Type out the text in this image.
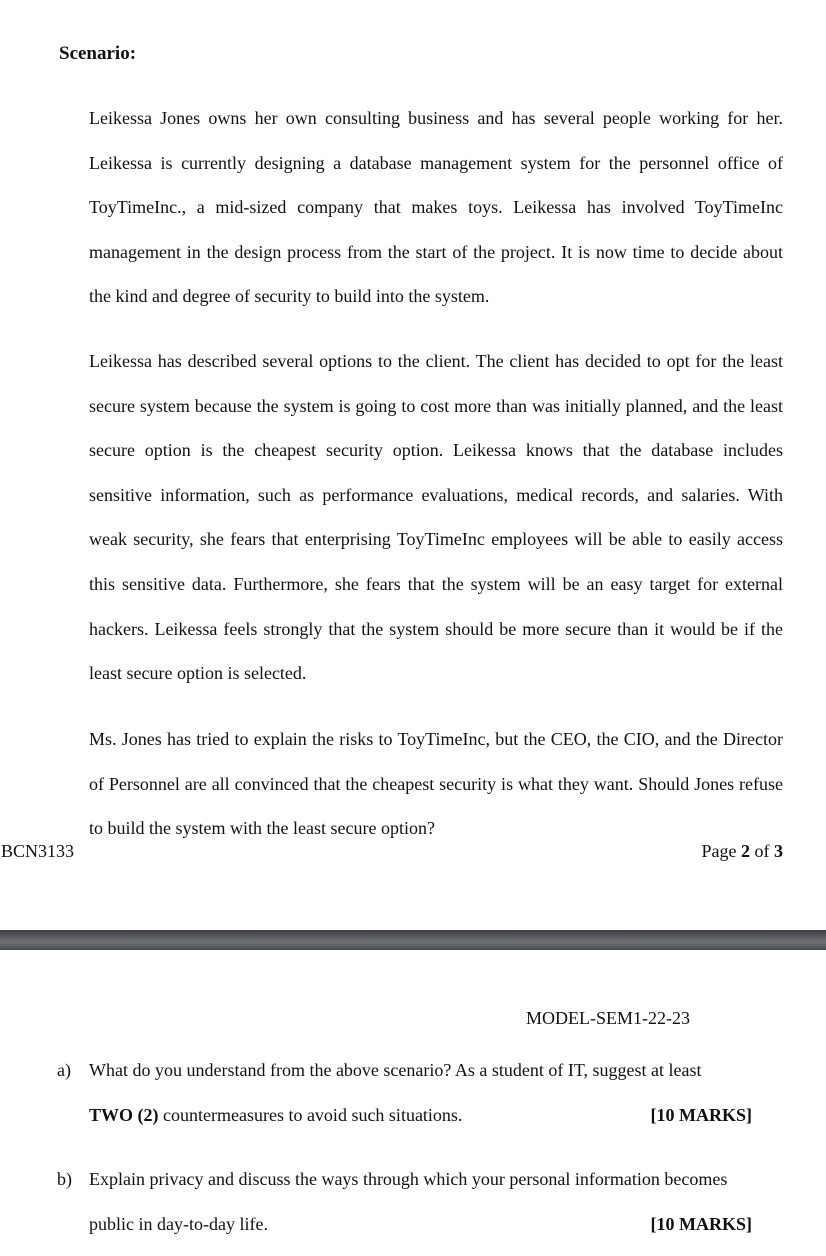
Scenario:

Leikessa Jones owns her own consulting business and has several people working for her. Leikessa is currently designing a database management system for the personnel office of ToyTimeInc., a mid-sized company that makes toys. Leikessa has involved ToyTimeInc management in the design process from the start of the project. It is now time to decide about the kind and degree of security to build into the system.

Leikessa has described several options to the client. The client has decided to opt for the least secure system because the system is going to cost more than was initially planned, and the least secure option is the cheapest security option. Leikessa knows that the database includes sensitive information, such as performance evaluations, medical records, and salaries. With weak security, she fears that enterprising ToyTimeInc employees will be able to easily access this sensitive data. Furthermore, she fears that the system will be an easy target for external hackers. Leikessa feels strongly that the system should be more secure than it would be if the least secure option is selected.

Ms. Jones has tried to explain the risks to ToyTimeInc, but the CEO, the CIO, and the Director of Personnel are all convinced that the cheapest security is what they want. Should Jones refuse to build the system with the least secure option?

BCN3133	Page 2 of 3
MODEL-SEM1-22-23
a) What do you understand from the above scenario? As a student of IT, suggest at least
TWO (2) countermeasures to avoid such situations.	[10 MARKS]
b) Explain privacy and discuss the ways through which your personal information becomes
public in day-to-day life.	[10 MARKS]
